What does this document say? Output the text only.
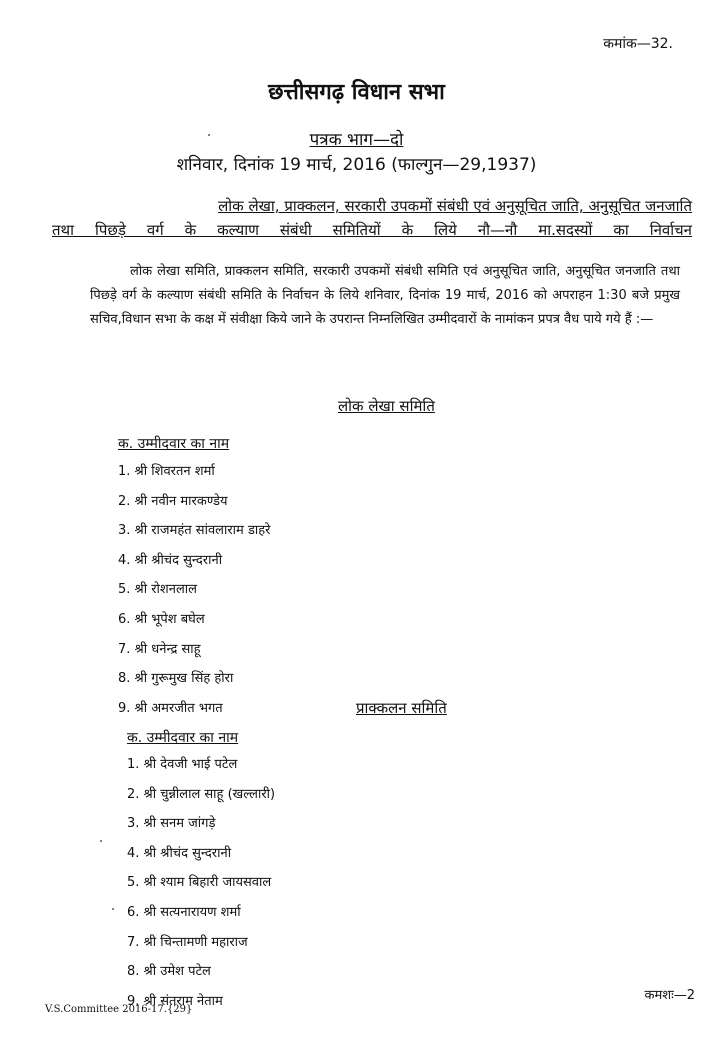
कमांक—32.
छत्तीसगढ़ विधान सभा
पत्रक भाग—दो
शनिवार, दिनांक 19 मार्च, 2016 (फाल्गुन—29,1937)
लोक लेखा, प्राक्कलन, सरकारी उपकमों संबंधी एवं अनुसूचित जाति, अनुसूचित जनजाति
तथा पिछड़े वर्ग के कल्याण संबंधी समितियों के लिये नौ—नौ मा.सदस्यों का निर्वाचन
लोक लेखा समिति, प्राक्कलन समिति, सरकारी उपकमों संबंधी समिति एवं अनुसूचित जाति, अनुसूचित जनजाति तथा पिछड़े वर्ग के कल्याण संबंधी समिति के निर्वाचन के लिये शनिवार, दिनांक 19 मार्च, 2016 को अपराहन 1:30 बजे प्रमुख सचिव,विधान सभा के कक्ष में संवीक्षा किये जाने के उपरान्त निम्नलिखित उम्मीदवारों के नामांकन प्रपत्र वैध पाये गये हैं :—
लोक लेखा समिति
क. उम्मीदवार का नाम
1. श्री शिवरतन शर्मा
2. श्री नवीन मारकण्डेय
3. श्री राजमहंत सांवलाराम डाहरे
4. श्री श्रीचंद सुन्दरानी
5. श्री रोशनलाल
6. श्री भूपेश बघेल
7. श्री धनेन्द्र साहू
8. श्री गुरूमुख सिंह होरा
9. श्री अमरजीत भगत	प्राक्कलन समिति
क. उम्मीदवार का नाम
1. श्री देवजी भाई पटेल
2. श्री चुन्नीलाल साहू (खल्लारी)
3. श्री सनम जांगड़े
4. श्री श्रीचंद सुन्दरानी
5. श्री श्याम बिहारी जायसवाल
6. श्री सत्यनारायण शर्मा
7. श्री चिन्तामणी महाराज
8. श्री उमेश पटेल
9. श्री संतराम नेताम	कमशः—2
V.S.Committee 2016-17.{29}
